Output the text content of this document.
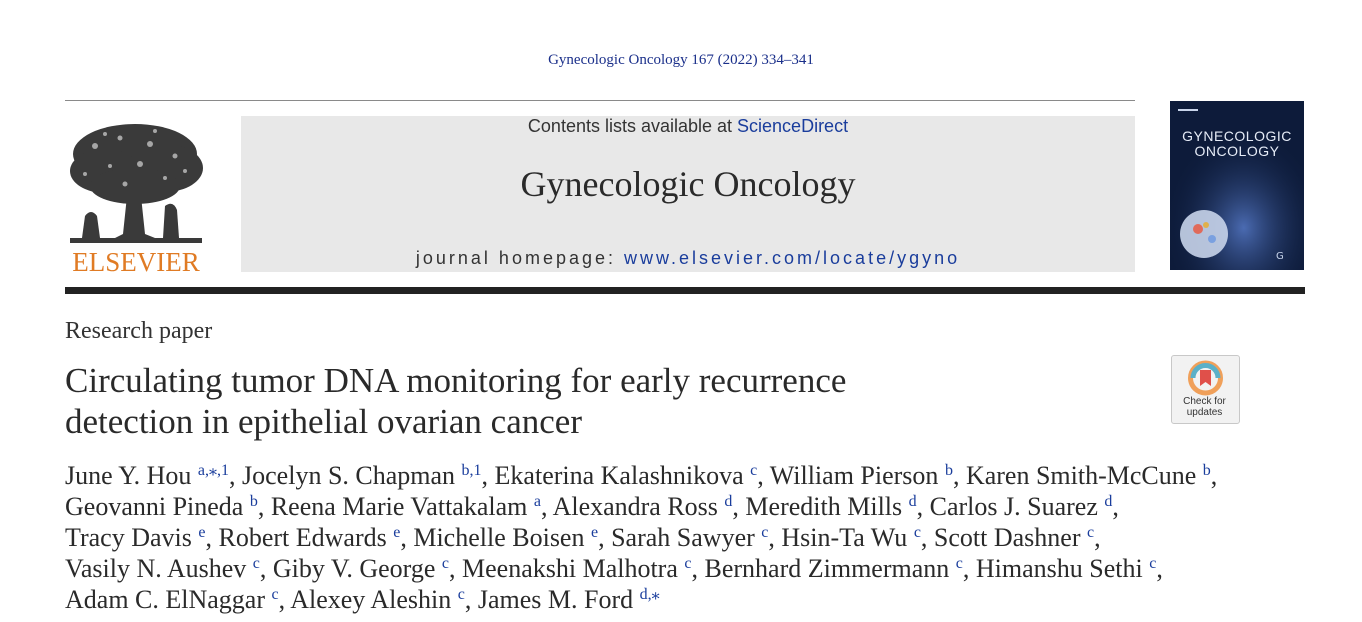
Gynecologic Oncology 167 (2022) 334–341
ELSEVIER
Contents lists available at ScienceDirect
Gynecologic Oncology
journal homepage: www.elsevier.com/locate/ygyno	G
GYNECOLOGIC
ONCOLOGY
Research paper
Circulating tumor DNA monitoring for early recurrence
detection in epithelial ovarian cancer
Check for
updates
June Y. Hou $^{a,⁎,1}$, Jocelyn S. Chapman $^{b,1}$, Ekaterina Kalashnikova $^c$, William Pierson $^b$, Karen Smith-McCune $^b$,
Geovanni Pineda $^b$, Reena Marie Vattakalam $^a$, Alexandra Ross $^d$, Meredith Mills $^d$, Carlos J. Suarez $^d$,
Tracy Davis $^e$, Robert Edwards $^e$, Michelle Boisen $^e$, Sarah Sawyer $^c$, Hsin-Ta Wu $^c$, Scott Dashner $^c$,
Vasily N. Aushev $^c$, Giby V. George $^c$, Meenakshi Malhotra $^c$, Bernhard Zimmermann $^c$, Himanshu Sethi $^c$,
Adam C. ElNaggar $^c$, Alexey Aleshin $^c$, James M. Ford $^{d,⁎}$
